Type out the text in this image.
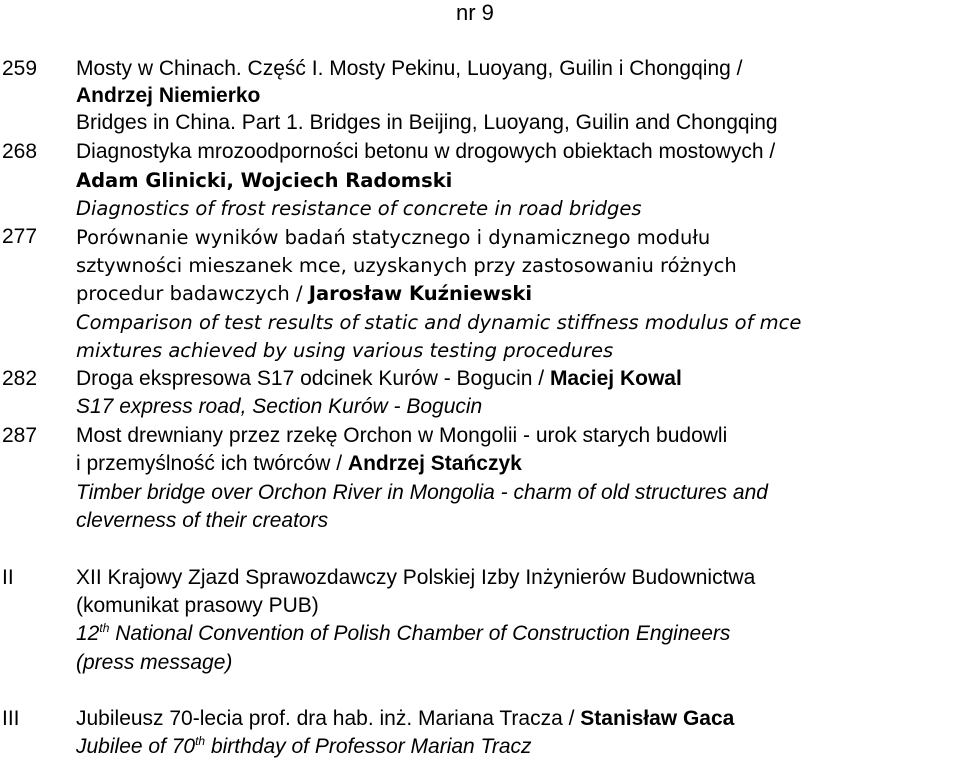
nr 9
259 Mosty w Chinach. Część I. Mosty Pekinu, Luoyang, Guilin i Chongqing /
Andrzej Niemierko
Bridges in China. Part 1. Bridges in Beijing, Luoyang, Guilin and Chongqing
268 Diagnostyka mrozoodporności betonu w drogowych obiektach mostowych /
Adam Glinicki, Wojciech Radomski
Diagnostics of frost resistance of concrete in road bridges
277 Porównanie wyników badań statycznego i dynamicznego modułu
sztywności mieszanek mce, uzyskanych przy zastosowaniu różnych
procedur badawczych / Jarosław Kuźniewski
Comparison of test results of static and dynamic stiffness modulus of mce
mixtures achieved by using various testing procedures
282 Droga ekspresowa S17 odcinek Kurów - Bogucin / Maciej Kowal
S17 express road, Section Kurów - Bogucin
287 Most drewniany przez rzekę Orchon w Mongolii - urok starych budowli
i przemyślność ich twórców / Andrzej Stańczyk
Timber bridge over Orchon River in Mongolia - charm of old structures and
cleverness of their creators
II	XII Krajowy Zjazd Sprawozdawczy Polskiej Izby Inżynierów Budownictwa
(komunikat prasowy PUB)
12th National Convention of Polish Chamber of Construction Engineers
(press message)
III	Jubileusz 70-lecia prof. dra hab. inż. Mariana Tracza / Stanisław Gaca
Jubilee of 70th birthday of Professor Marian Tracz
